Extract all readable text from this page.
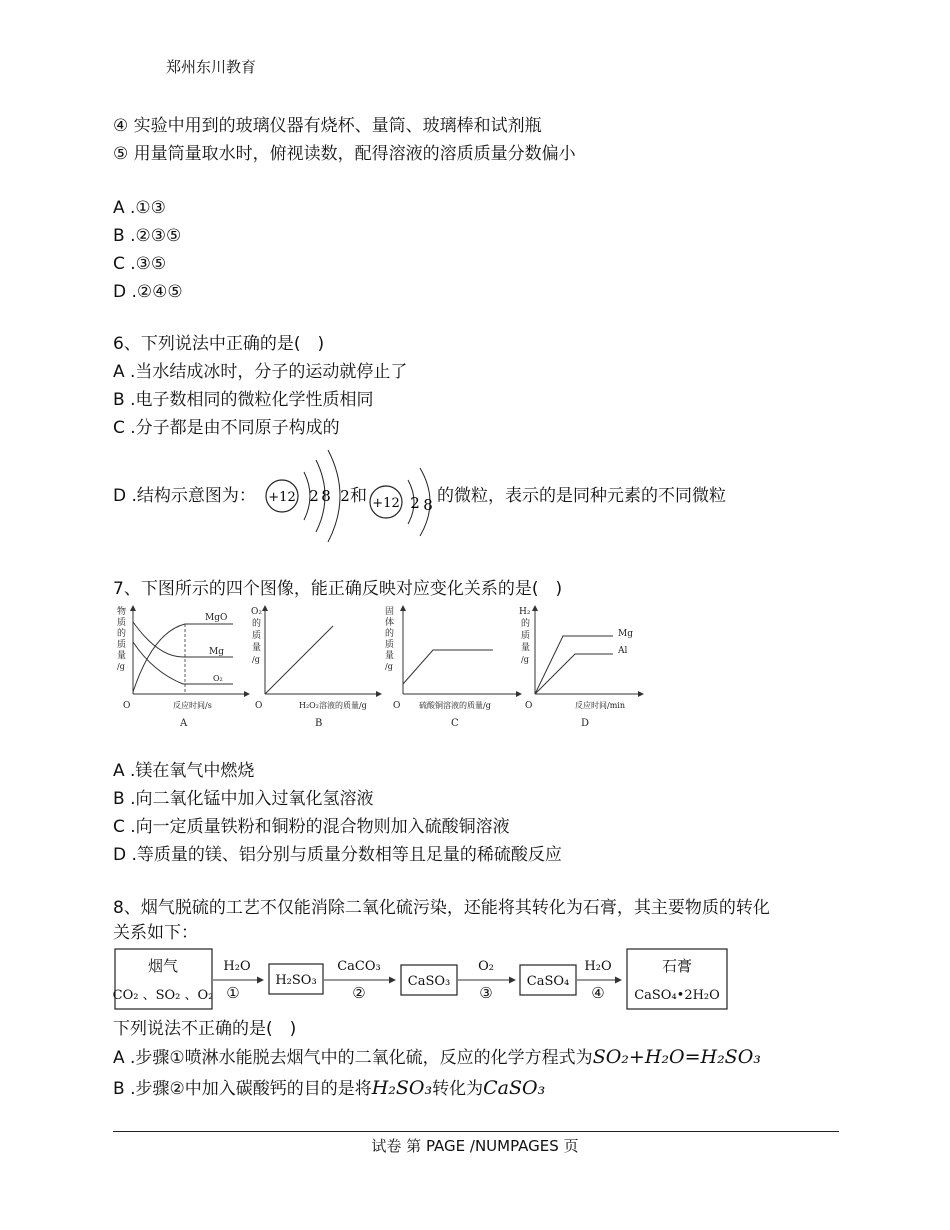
郑州东川教育
④ 实验中用到的玻璃仪器有烧杯、量筒、玻璃棒和试剂瓶
⑤ 用量筒量取水时，俯视读数，配得溶液的溶质质量分数偏小
A .①③
B .②③⑤
C .③⑤
D .②④⑤
6、下列说法中正确的是(　)
A .当水结成冰时，分子的运动就停止了
B .电子数相同的微粒化学性质相同
C .分子都是由不同原子构成的
D .结构示意图为： +12 2 8 2 和 +12 2 8 的微粒，表示的是同种元素的不同微粒
7、下图所示的四个图像，能正确反映对应变化关系的是(　)
物
质
的
质
量
/g
MgO
Mg
O₂
O	反应时间/s
A
O₂
的
质
量
/g
O	H₂O₂溶液的质量/g
B
固
体
的
质
量
/g
O 硫酸铜溶液的质量/g
C
H₂
的
质
量
/g
Mg
Al
O	反应时间/min
D
A .镁在氧气中燃烧
B .向二氧化锰中加入过氧化氢溶液
C .向一定质量铁粉和铜粉的混合物则加入硫酸铜溶液
D .等质量的镁、铝分别与质量分数相等且足量的稀硫酸反应
8、烟气脱硫的工艺不仅能消除二氧化硫污染，还能将其转化为石膏，其主要物质的转化
关系如下：
烟气
CO₂ 、SO₂ 、O₂
H₂O
①
H₂SO₃
CaCO₃
②
CaSO₃
O₂
③
CaSO₄
H₂O
④
石膏
CaSO₄•2H₂O
下列说法不正确的是(　)
A .步骤①喷淋水能脱去烟气中的二氧化硫，反应的化学方程式为SO₂+H₂O=H₂SO₃
B .步骤②中加入碳酸钙的目的是将H₂SO₃转化为CaSO₃
试卷 第 PAGE /NUMPAGES 页
